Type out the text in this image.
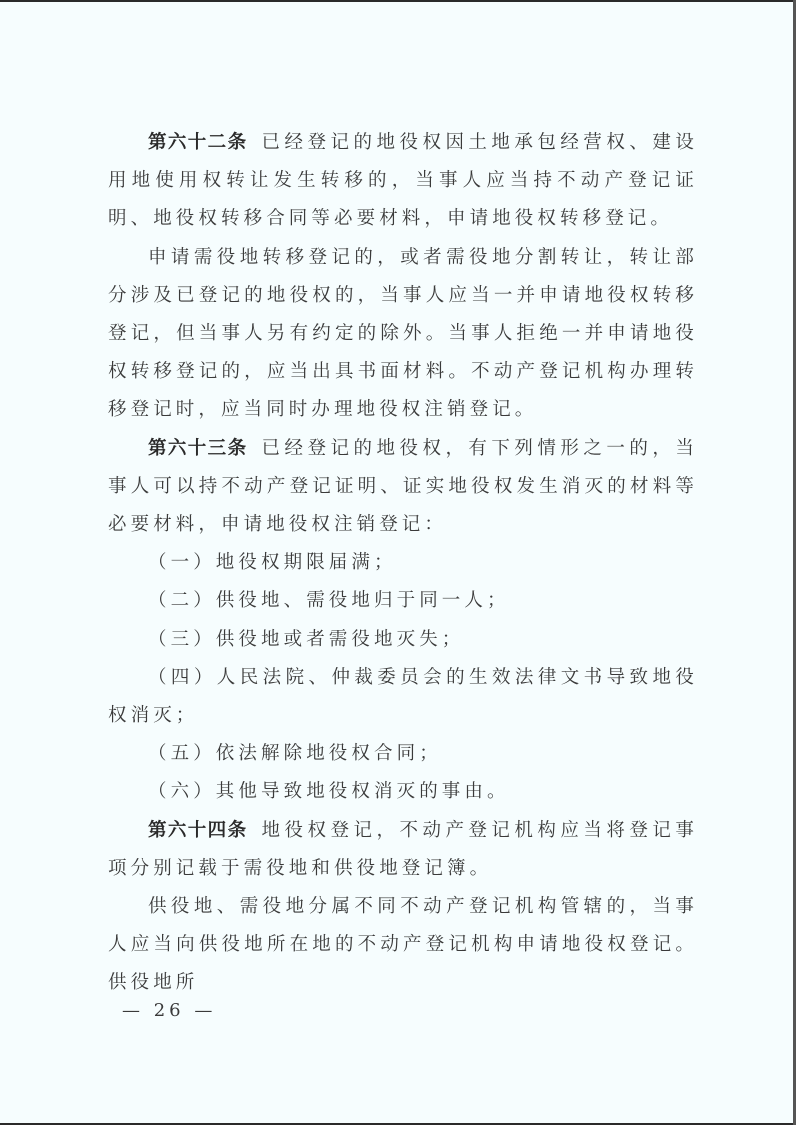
第六十二条 已经登记的地役权因土地承包经营权、建设用地使用权转让发生转移的，当事人应当持不动产登记证明、地役权转移合同等必要材料，申请地役权转移登记。

申请需役地转移登记的，或者需役地分割转让，转让部分涉及已登记的地役权的，当事人应当一并申请地役权转移登记，但当事人另有约定的除外。当事人拒绝一并申请地役权转移登记的，应当出具书面材料。不动产登记机构办理转移登记时，应当同时办理地役权注销登记。

第六十三条 已经登记的地役权，有下列情形之一的，当事人可以持不动产登记证明、证实地役权发生消灭的材料等必要材料，申请地役权注销登记：

（一）地役权期限届满；

（二）供役地、需役地归于同一人；

（三）供役地或者需役地灭失；

（四）人民法院、仲裁委员会的生效法律文书导致地役权消灭；

（五）依法解除地役权合同；

（六）其他导致地役权消灭的事由。

第六十四条 地役权登记，不动产登记机构应当将登记事项分别记载于需役地和供役地登记簿。

供役地、需役地分属不同不动产登记机构管辖的，当事人应当向供役地所在地的不动产登记机构申请地役权登记。供役地所

— 26 —
